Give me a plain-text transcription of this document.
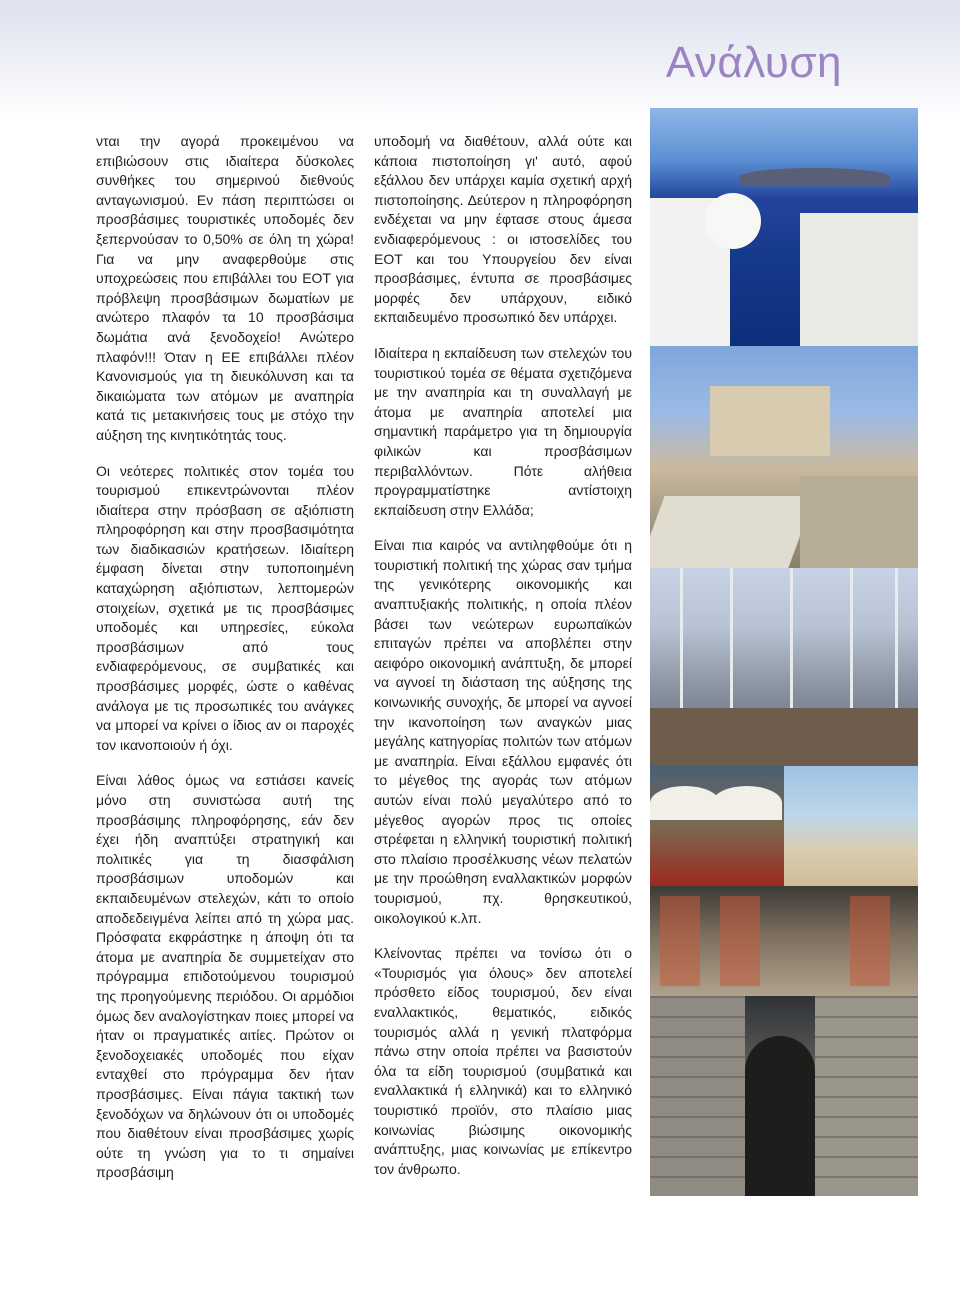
Ανάλυση

νται την αγορά προκειμένου να επιβιώσουν στις ιδιαίτερα δύσκολες συνθήκες του σημερινού διεθνούς ανταγωνισμού. Εν πάση περιπτώσει οι προσβάσιμες τουριστικές υποδομές δεν ξεπερνούσαν το 0,50% σε όλη τη χώρα! Για να μην αναφερθούμε στις υποχρεώσεις που επιβάλλει του ΕΟΤ για πρόβλεψη προσβάσιμων δωματίων με ανώτερο πλαφόν τα 10 προσβάσιμα δωμάτια ανά ξενοδοχείο! Ανώτερο πλαφόν!!! Όταν η ΕΕ επιβάλλει πλέον Κανονισμούς για τη διευκόλυνση και τα δικαιώματα των ατόμων με αναπηρία κατά τις μετακινήσεις τους με στόχο την αύξηση της κινητικότητάς τους.

Οι νεότερες πολιτικές στον τομέα του τουρισμού επικεντρώνονται πλέον ιδιαίτερα στην πρόσβαση σε αξιόπιστη πληροφόρηση και στην προσβασιμότητα των διαδικασιών κρατήσεων. Ιδιαίτερη έμφαση δίνεται στην τυποποιημένη καταχώρηση αξιόπιστων, λεπτομερών στοιχείων, σχετικά με τις προσβάσιμες υποδομές και υπηρεσίες, εύκολα προσβάσιμων από τους ενδιαφερόμενους, σε συμβατικές και προσβάσιμες μορφές, ώστε ο καθένας ανάλογα με τις προσωπικές του ανάγκες να μπορεί να κρίνει ο ίδιος αν οι παροχές τον ικανοποιούν ή όχι.

Είναι λάθος όμως να εστιάσει κανείς μόνο στη συνιστώσα αυτή της προσβάσιμης πληροφόρησης, εάν δεν έχει ήδη αναπτύξει στρατηγική και πολιτικές για τη διασφάλιση προσβάσιμων υποδομών και εκπαιδευμένων στελεχών, κάτι το οποίο αποδεδειγμένα λείπει από τη χώρα μας. Πρόσφατα εκφράστηκε η άποψη ότι τα άτομα με αναπηρία δε συμμετείχαν στο πρόγραμμα επιδοτούμενου τουρισμού της προηγούμενης περιόδου. Οι αρμόδιοι όμως δεν αναλογίστηκαν ποιες μπορεί να ήταν οι πραγματικές αιτίες. Πρώτον οι ξενοδοχειακές υποδομές που είχαν ενταχθεί στο πρόγραμμα δεν ήταν προσβάσιμες. Είναι πάγια τακτική των ξενοδόχων να δηλώνουν ότι οι υποδομές που διαθέτουν είναι προσβάσιμες χωρίς ούτε τη γνώση για το τι σημαίνει προσβάσιμη

υποδομή να διαθέτουν, αλλά ούτε και κάποια πιστοποίηση γι' αυτό, αφού εξάλλου δεν υπάρχει καμία σχετική αρχή πιστοποίησης. Δεύτερον η πληροφόρηση ενδέχεται να μην έφτασε στους άμεσα ενδιαφερόμενους : οι ιστοσελίδες του ΕΟΤ και του Υπουργείου δεν είναι προσβάσιμες, έντυπα σε προσβάσιμες μορφές δεν υπάρχουν, ειδικό εκπαιδευμένο προσωπικό δεν υπάρχει.

Ιδιαίτερα η εκπαίδευση των στελεχών του τουριστικού τομέα σε θέματα σχετιζόμενα με την αναπηρία και τη συναλλαγή με άτομα με αναπηρία αποτελεί μια σημαντική παράμετρο για τη δημιουργία φιλικών και προσβάσιμων περιβαλλόντων. Πότε αλήθεια προγραμματίστηκε αντίστοιχη εκπαίδευση στην Ελλάδα;

Είναι πια καιρός να αντιληφθούμε ότι η τουριστική πολιτική της χώρας σαν τμήμα της γενικότερης οικονομικής και αναπτυξιακής πολιτικής, η οποία πλέον βάσει των νεώτερων ευρωπαϊκών επιταγών πρέπει να αποβλέπει στην αειφόρο οικονομική ανάπτυξη, δε μπορεί να αγνοεί τη διάσταση της αύξησης της κοινωνικής συνοχής, δε μπορεί να αγνοεί την ικανοποίηση των αναγκών μιας μεγάλης κατηγορίας πολιτών των ατόμων με αναπηρία. Είναι εξάλλου εμφανές ότι το μέγεθος της αγοράς των ατόμων αυτών είναι πολύ μεγαλύτερο από το μέγεθος αγορών προς τις οποίες στρέφεται η ελληνική τουριστική πολιτική στο πλαίσιο προσέλκυσης νέων πελατών με την προώθηση εναλλακτικών μορφών τουρισμού, πχ. θρησκευτικού, οικολογικού κ.λπ.

Κλείνοντας πρέπει να τονίσω ότι ο «Τουρισμός για όλους» δεν αποτελεί πρόσθετο είδος τουρισμού, δεν είναι εναλλακτικός, θεματικός, ειδικός τουρισμός αλλά η γενική πλατφόρμα πάνω στην οποία πρέπει να βασιστούν όλα τα είδη τουρισμού (συμβατικά και εναλλακτικά ή ελληνικά) και το ελληνικό τουριστικό προϊόν, στο πλαίσιο μιας κοινωνίας βιώσιμης οικονομικής ανάπτυξης, μιας κοινωνίας με επίκεντρο τον άνθρωπο.
